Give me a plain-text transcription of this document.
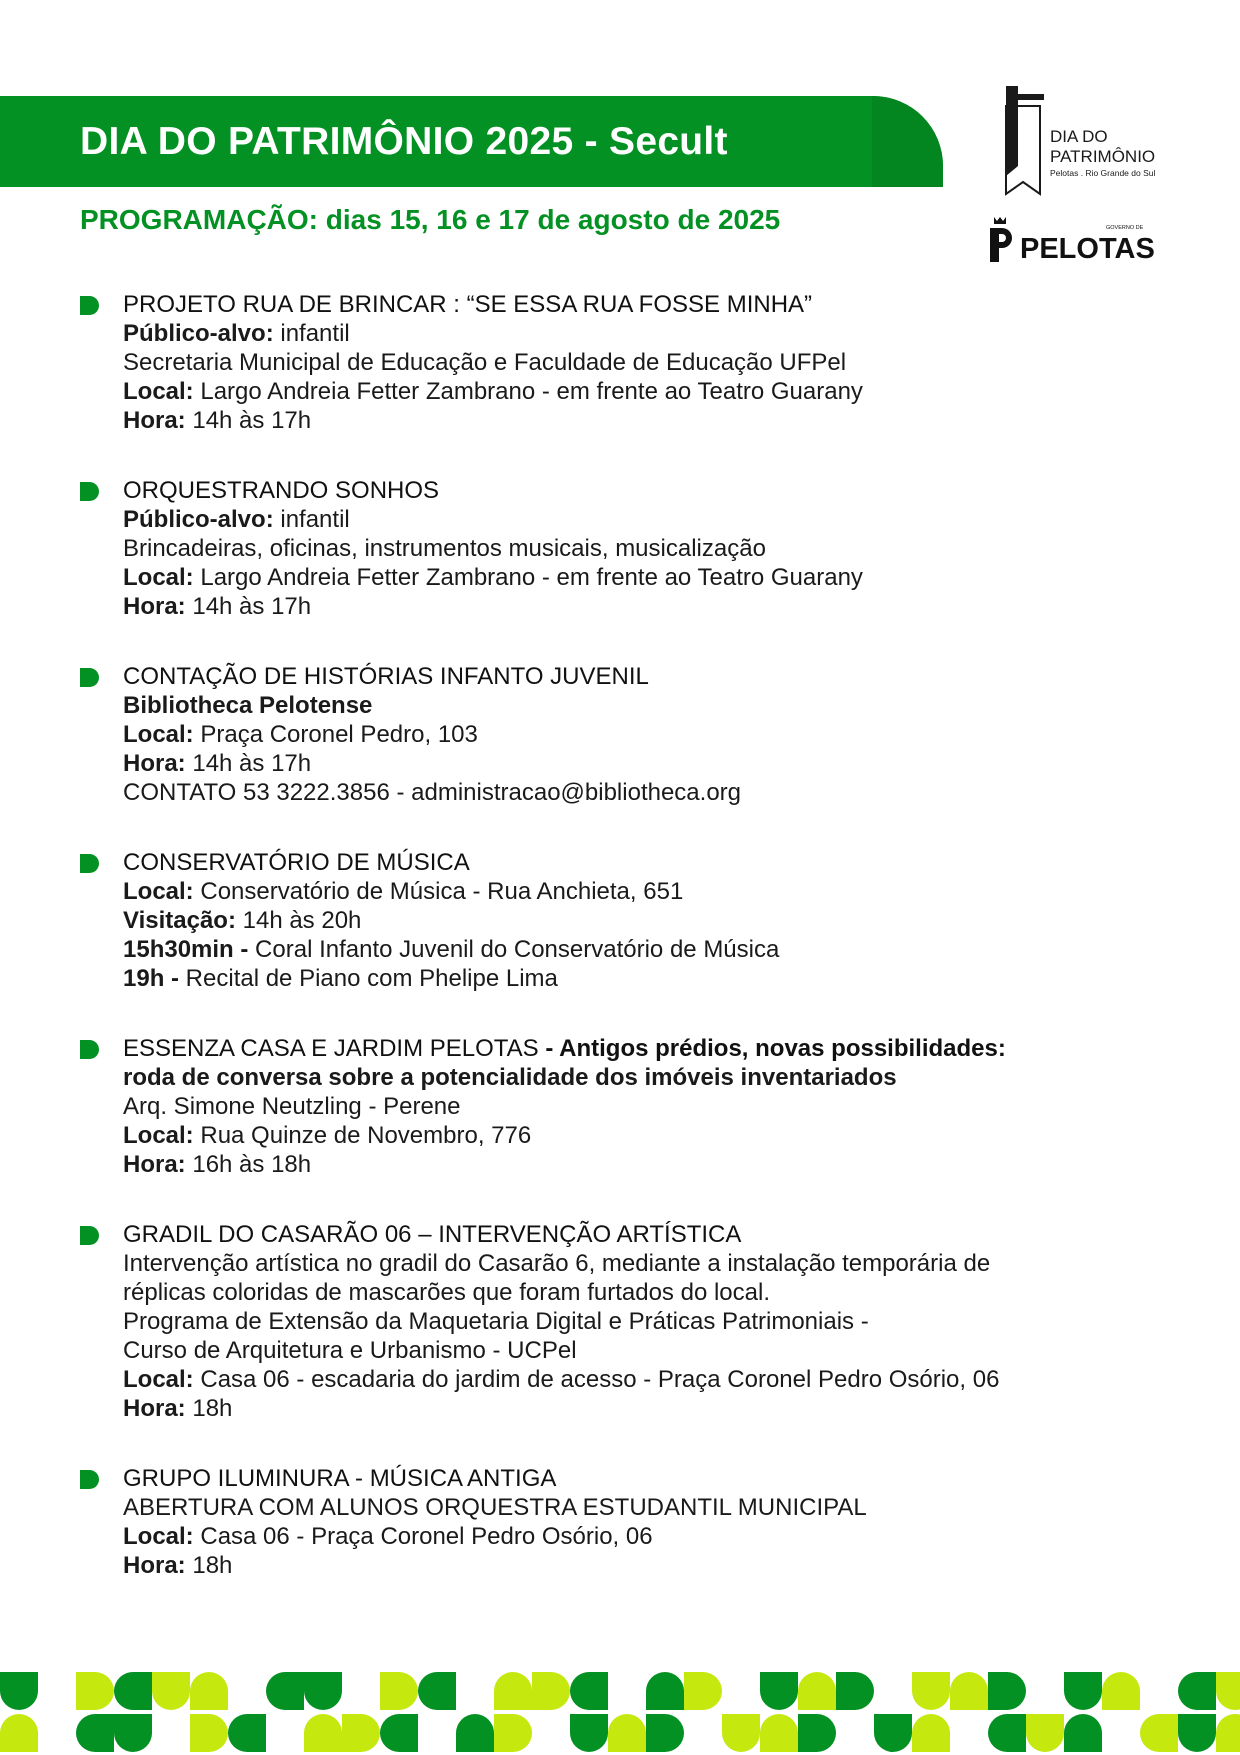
DIA DO PATRIMÔNIO 2025 - Secult
PROGRAMAÇÃO: dias 15, 16 e 17 de agosto de 2025
DIA DO
PATRIMÔNIO
Pelotas . Rio Grande do Sul
GOVERNO DE
PELOTAS
PROJETO RUA DE BRINCAR : “SE ESSA RUA FOSSE MINHA”
Público-alvo: infantil
Secretaria Municipal de Educação e Faculdade de Educação UFPel
Local: Largo Andreia Fetter Zambrano - em frente ao Teatro Guarany
Hora: 14h às 17h
ORQUESTRANDO SONHOS
Público-alvo: infantil
Brincadeiras, oficinas, instrumentos musicais, musicalização
Local: Largo Andreia Fetter Zambrano - em frente ao Teatro Guarany
Hora: 14h às 17h
CONTAÇÃO DE HISTÓRIAS INFANTO JUVENIL
Bibliotheca Pelotense
Local: Praça Coronel Pedro, 103
Hora: 14h às 17h
CONTATO 53 3222.3856 - administracao@bibliotheca.org
CONSERVATÓRIO DE MÚSICA
Local: Conservatório de Música - Rua Anchieta, 651
Visitação: 14h às 20h
15h30min - Coral Infanto Juvenil do Conservatório de Música
19h - Recital de Piano com Phelipe Lima
ESSENZA CASA E JARDIM PELOTAS - Antigos prédios, novas possibilidades:
roda de conversa sobre a potencialidade dos imóveis inventariados
Arq. Simone Neutzling - Perene
Local: Rua Quinze de Novembro, 776
Hora: 16h às 18h
GRADIL DO CASARÃO 06 – INTERVENÇÃO ARTÍSTICA
Intervenção artística no gradil do Casarão 6, mediante a instalação temporária de
réplicas coloridas de mascarões que foram furtados do local.
Programa de Extensão da Maquetaria Digital e Práticas Patrimoniais -
Curso de Arquitetura e Urbanismo - UCPel
Local: Casa 06 - escadaria do jardim de acesso - Praça Coronel Pedro Osório, 06
Hora: 18h
GRUPO ILUMINURA - MÚSICA ANTIGA
ABERTURA COM ALUNOS ORQUESTRA ESTUDANTIL MUNICIPAL
Local: Casa 06 - Praça Coronel Pedro Osório, 06
Hora: 18h
